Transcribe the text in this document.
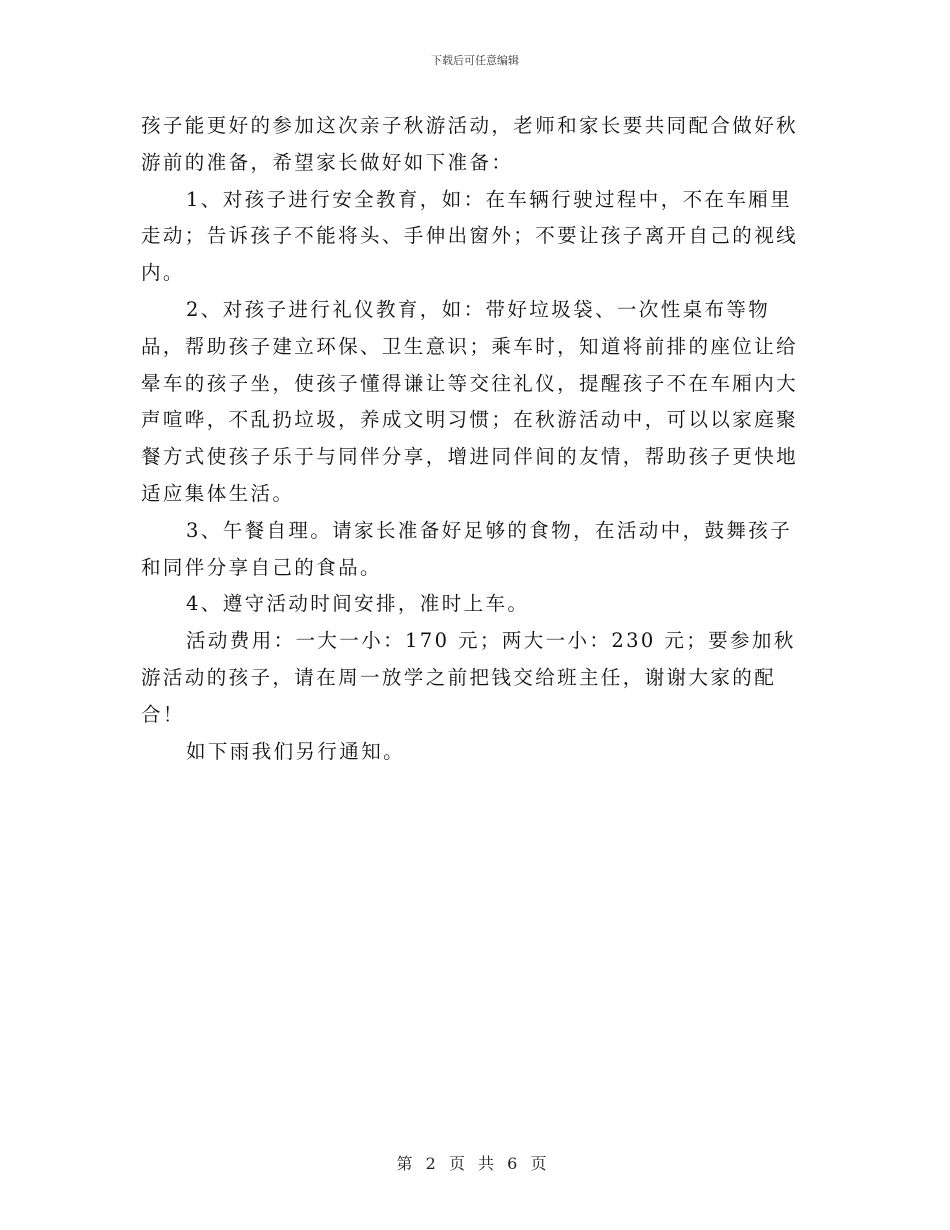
下载后可任意编辑

孩子能更好的参加这次亲子秋游活动，老师和家长要共同配合做好秋游前的准备，希望家长做好如下准备：

1、对孩子进行安全教育，如：在车辆行驶过程中，不在车厢里走动；告诉孩子不能将头、手伸出窗外；不要让孩子离开自己的视线内。

2、对孩子进行礼仪教育，如：带好垃圾袋、一次性桌布等物品，帮助孩子建立环保、卫生意识；乘车时，知道将前排的座位让给晕车的孩子坐，使孩子懂得谦让等交往礼仪，提醒孩子不在车厢内大声喧哗，不乱扔垃圾，养成文明习惯；在秋游活动中，可以以家庭聚餐方式使孩子乐于与同伴分享，增进同伴间的友情，帮助孩子更快地适应集体生活。

3、午餐自理。请家长准备好足够的食物，在活动中，鼓舞孩子和同伴分享自己的食品。

4、遵守活动时间安排，准时上车。

活动费用：一大一小：170 元；两大一小：230 元；要参加秋游活动的孩子，请在周一放学之前把钱交给班主任，谢谢大家的配合！

如下雨我们另行通知。

第 2 页 共 6 页
